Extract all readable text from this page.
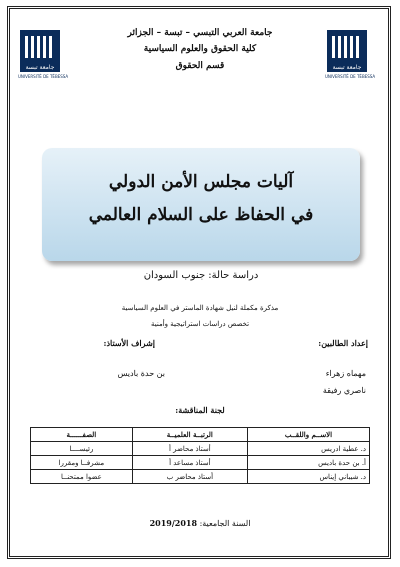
جامعة تبسة
UNIVERSITÉ DE TÉBESSA
جامعة تبسة
UNIVERSITÉ DE TÉBESSA
جامعة العربي التبسي – تبسة – الجزائر
كلية الحقوق والعلوم السياسية
قسم الحقوق
آليات مجلس الأمن الدولي
في الحفاظ على السلام العالمي
دراسة حالة: جنوب السودان
مذكرة مكملة لنيل شهادة الماستر في العلوم السياسية
تخصص دراسات استراتيجية وأمنية
إعداد الطالبين:
إشراف الأستاذ:
مهماه زهراء
بن حدة باديس
ناصري رفيقة
لجنة المناقشة:
الاســم واللقــب	الرتبــة العلميــة	الصفــــــة
د. عطية ادريس	أستاذ محاضر أ	رئيســــا
أ. بن حدة باديس	أستاذ مساعد أ	مشرفــا ومقررا
د. شيباني إيناس	أستاذ محاضر ب	عضوا ممتحنــا
السنة الجامعية: 2019/2018
